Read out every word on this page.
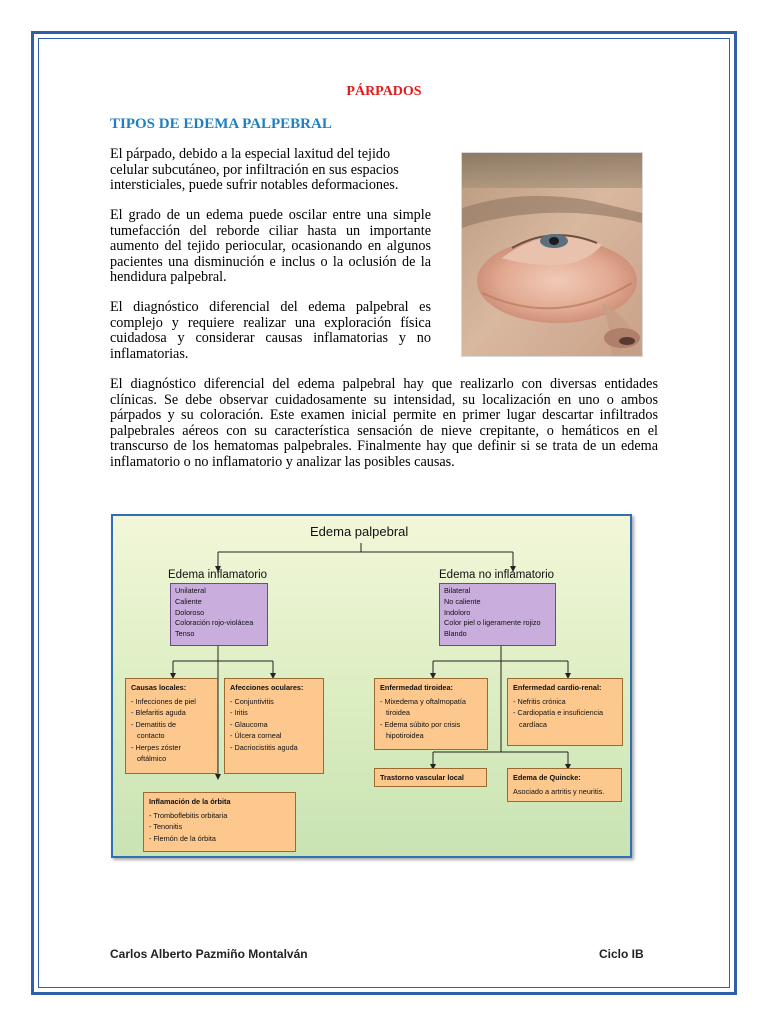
PÁRPADOS
TIPOS DE EDEMA PALPEBRAL

El párpado, debido a la especial laxitud del tejido celular subcutáneo, por infiltración en sus espacios intersticiales, puede sufrir notables deformaciones.

El grado de un edema puede oscilar entre una simple tumefacción del reborde ciliar hasta un importante aumento del tejido periocular, ocasionando en algunos pacientes una disminución e inclus o la oclusión de la hendidura palpebral.

El diagnóstico diferencial del edema palpebral es complejo y requiere realizar una exploración física cuidadosa y considerar causas inflamatorias y no inflamatorias.

El diagnóstico diferencial del edema palpebral hay que realizarlo con diversas entidades clínicas. Se debe observar cuidadosamente su intensidad, su localización en uno o ambos párpados y su coloración. Este examen inicial permite en primer lugar descartar infiltrados palpebrales aéreos con su característica sensación de nieve crepitante, o hemáticos en el transcurso de los hematomas palpebrales. Finalmente hay que definir si se trata de un edema inflamatorio o no inflamatorio y analizar las posibles causas.

Edema palpebral
Edema inflamatorio	Edema no inflamatorio
Unilateral
Caliente
Doloroso
Coloración rojo-violácea
Tenso
Bilateral
No caliente
Indoloro
Color piel o ligeramente rojizo
Blando
Causas locales:
- Infecciones de piel
- Blefaritis aguda
- Dematitis de
contacto
- Herpes zóster
oftálmico
Afecciones oculares:
- Conjuntivitis
- Iritis
- Glaucoma
- Úlcera corneal
- Dacriocistitis aguda
Inflamación de la órbita
- Tromboflebitis orbitaria
- Tenonitis
- Flemón de la órbita
Enfermedad tiroidea:
- Mixedema y oftalmopatía
tiroidea
- Edema súbito por crisis
hipotiroidea
Enfermedad cardio-renal:
- Nefritis crónica
- Cardiopatía e insuficiencia
cardíaca
Trastorno vascular local	Edema de Quincke:
Asociado a artritis y neuritis.
Carlos Alberto Pazmiño Montalván	Ciclo IB
